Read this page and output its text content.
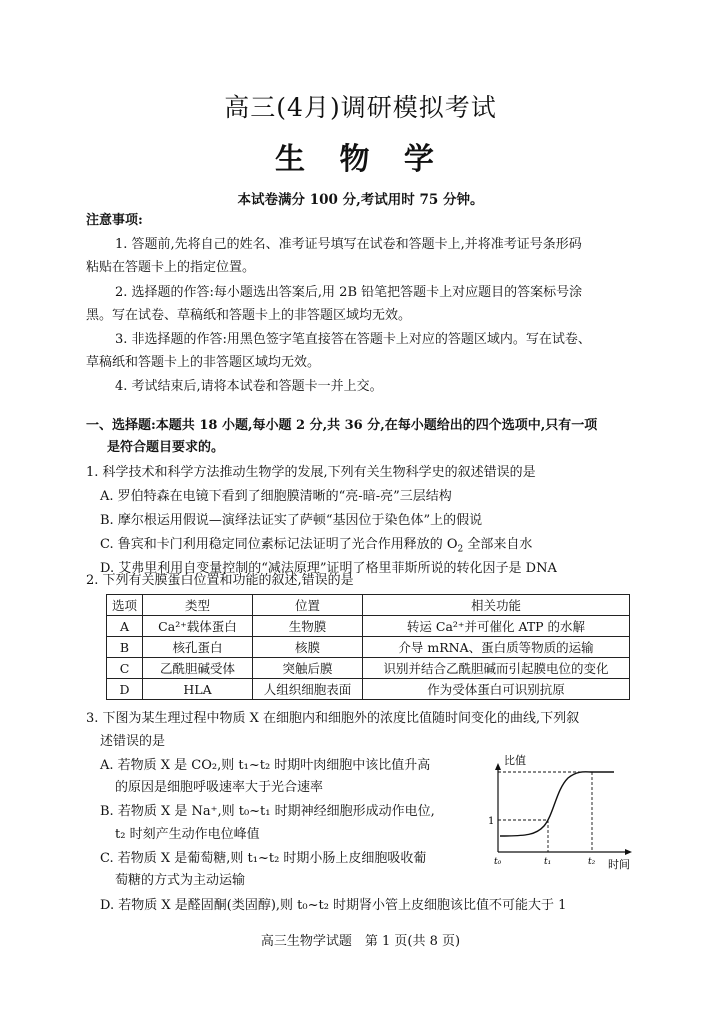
高三(4月)调研模拟考试
生 物 学
本试卷满分 100 分,考试用时 75 分钟。
注意事项:
1. 答题前,先将自己的姓名、准考证号填写在试卷和答题卡上,并将准考证号条形码
粘贴在答题卡上的指定位置。
2. 选择题的作答:每小题选出答案后,用 2B 铅笔把答题卡上对应题目的答案标号涂
黑。写在试卷、草稿纸和答题卡上的非答题区域均无效。
3. 非选择题的作答:用黑色签字笔直接答在答题卡上对应的答题区域内。写在试卷、
草稿纸和答题卡上的非答题区域均无效。
4. 考试结束后,请将本试卷和答题卡一并上交。
一、选择题:本题共 18 小题,每小题 2 分,共 36 分,在每小题给出的四个选项中,只有一项
是符合题目要求的。
1. 科学技术和科学方法推动生物学的发展,下列有关生物科学史的叙述错误的是
A. 罗伯特森在电镜下看到了细胞膜清晰的“亮-暗-亮”三层结构
B. 摩尔根运用假说—演绎法证实了萨顿“基因位于染色体”上的假说
C. 鲁宾和卡门利用稳定同位素标记法证明了光合作用释放的 $O_2$ 全部来自水
D. 艾弗里利用自变量控制的“减法原理”证明了格里菲斯所说的转化因子是 DNA
2. 下列有关膜蛋白位置和功能的叙述,错误的是
选项	类型	位置	相关功能
A	Ca²⁺载体蛋白	生物膜	转运 Ca²⁺并可催化 ATP 的水解
B	核孔蛋白	核膜	介导 mRNA、蛋白质等物质的运输
C	乙酰胆碱受体	突触后膜	识别并结合乙酰胆碱而引起膜电位的变化
D	HLA	人组织细胞表面	作为受体蛋白可识别抗原
3. 下图为某生理过程中物质 X 在细胞内和细胞外的浓度比值随时间变化的曲线,下列叙
述错误的是
A. 若物质 X 是 CO₂,则 t₁~t₂ 时期叶肉细胞中该比值升高
的原因是细胞呼吸速率大于光合速率
B. 若物质 X 是 Na⁺,则 t₀~t₁ 时期神经细胞形成动作电位,
t₂ 时刻产生动作电位峰值
C. 若物质 X 是葡萄糖,则 t₁~t₂ 时期小肠上皮细胞吸收葡
萄糖的方式为主动运输
D. 若物质 X 是醛固酮(类固醇),则 t₀~t₂ 时期肾小管上皮细胞该比值不可能大于 1
比值
1
t₀	t₁	t₂ 时间
高三生物学试题　第 1 页(共 8 页)
